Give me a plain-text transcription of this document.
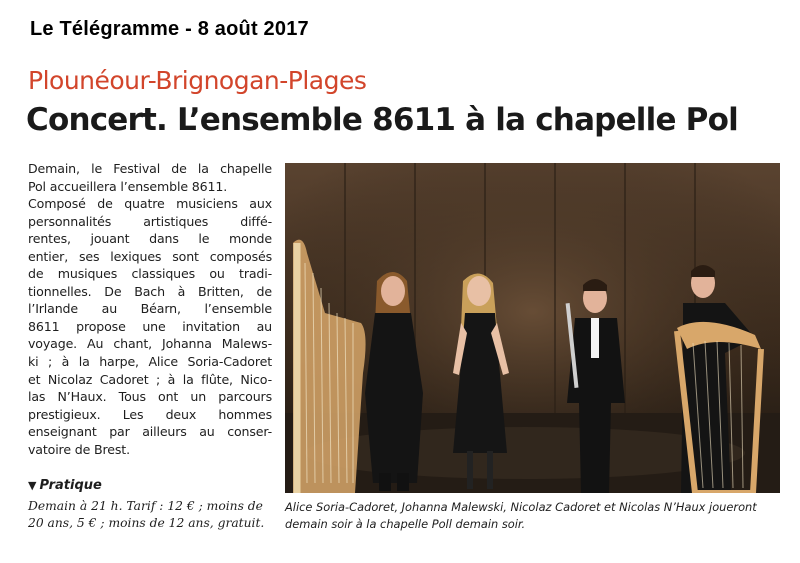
Le Télégramme - 8 août 2017
Plounéour-Brignogan-Plages
Concert. L’ensemble 8611 à la chapelle Pol
Demain, le Festival de la chapelle
Pol accueillera l’ensemble 8611.
Composé de quatre musiciens aux
personnalités artistiques diffé-
rentes, jouant dans le monde
entier, ses lexiques sont composés
de musiques classiques ou tradi-
tionnelles. De Bach à Britten, de
l’Irlande au Béarn, l’ensemble
8611 propose une invitation au
voyage. Au chant, Johanna Malews-
ki ; à la harpe, Alice Soria-Cadoret
et Nicolaz Cadoret ; à la flûte, Nico-
las N’Haux. Tous ont un parcours
prestigieux. Les deux hommes
enseignant par ailleurs au conser-
vatoire de Brest.
▼ Pratique
Demain à 21 h. Tarif : 12 € ; moins de
20 ans, 5 € ; moins de 12 ans, gratuit.
Alice Soria-Cadoret, Johanna Malewski, Nicolaz Cadoret et Nicolas N’Haux joueront
demain soir à la chapelle Poll demain soir.
